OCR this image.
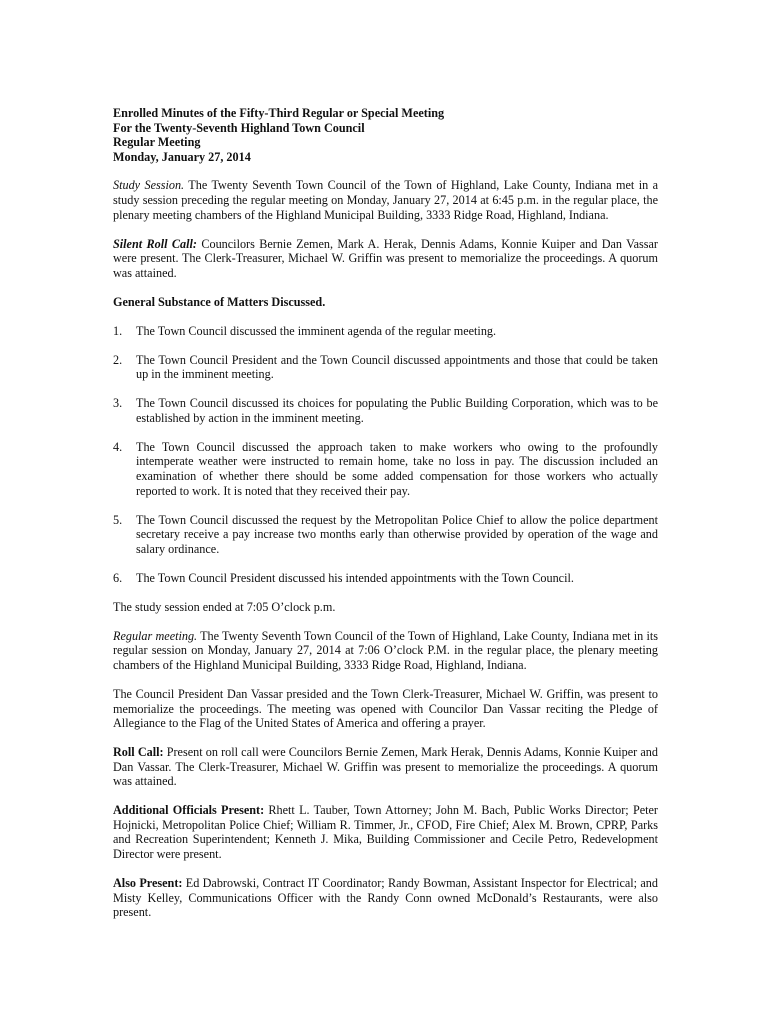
Enrolled Minutes of the Fifty-Third Regular or Special Meeting
For the Twenty-Seventh Highland Town Council
Regular Meeting
Monday, January 27, 2014

Study Session. The Twenty Seventh Town Council of the Town of Highland, Lake County, Indiana met in a study session preceding the regular meeting on Monday, January 27, 2014 at 6:45 p.m. in the regular place, the plenary meeting chambers of the Highland Municipal Building, 3333 Ridge Road, Highland, Indiana.

Silent Roll Call: Councilors Bernie Zemen, Mark A. Herak, Dennis Adams, Konnie Kuiper and Dan Vassar were present. The Clerk-Treasurer, Michael W. Griffin was present to memorialize the proceedings. A quorum was attained.

General Substance of Matters Discussed.
1. The Town Council discussed the imminent agenda of the regular meeting.
2. The Town Council President and the Town Council discussed appointments and those that could be taken up in the imminent meeting.
3. The Town Council discussed its choices for populating the Public Building Corporation, which was to be established by action in the imminent meeting.
4. The Town Council discussed the approach taken to make workers who owing to the profoundly intemperate weather were instructed to remain home, take no loss in pay. The discussion included an examination of whether there should be some added compensation for those workers who actually reported to work. It is noted that they received their pay.
5. The Town Council discussed the request by the Metropolitan Police Chief to allow the police department secretary receive a pay increase two months early than otherwise provided by operation of the wage and salary ordinance.
6. The Town Council President discussed his intended appointments with the Town Council.

The study session ended at 7:05 O’clock p.m.

Regular meeting. The Twenty Seventh Town Council of the Town of Highland, Lake County, Indiana met in its regular session on Monday, January 27, 2014 at 7:06 O’clock P.M. in the regular place, the plenary meeting chambers of the Highland Municipal Building, 3333 Ridge Road, Highland, Indiana.

The Council President Dan Vassar presided and the Town Clerk-Treasurer, Michael W. Griffin, was present to memorialize the proceedings. The meeting was opened with Councilor Dan Vassar reciting the Pledge of Allegiance to the Flag of the United States of America and offering a prayer.

Roll Call: Present on roll call were Councilors Bernie Zemen, Mark Herak, Dennis Adams, Konnie Kuiper and Dan Vassar. The Clerk-Treasurer, Michael W. Griffin was present to memorialize the proceedings. A quorum was attained.

Additional Officials Present: Rhett L. Tauber, Town Attorney; John M. Bach, Public Works Director; Peter Hojnicki, Metropolitan Police Chief; William R. Timmer, Jr., CFOD, Fire Chief; Alex M. Brown, CPRP, Parks and Recreation Superintendent; Kenneth J. Mika, Building Commissioner and Cecile Petro, Redevelopment Director were present.

Also Present: Ed Dabrowski, Contract IT Coordinator; Randy Bowman, Assistant Inspector for Electrical; and Misty Kelley, Communications Officer with the Randy Conn owned McDonald’s Restaurants, were also present.
